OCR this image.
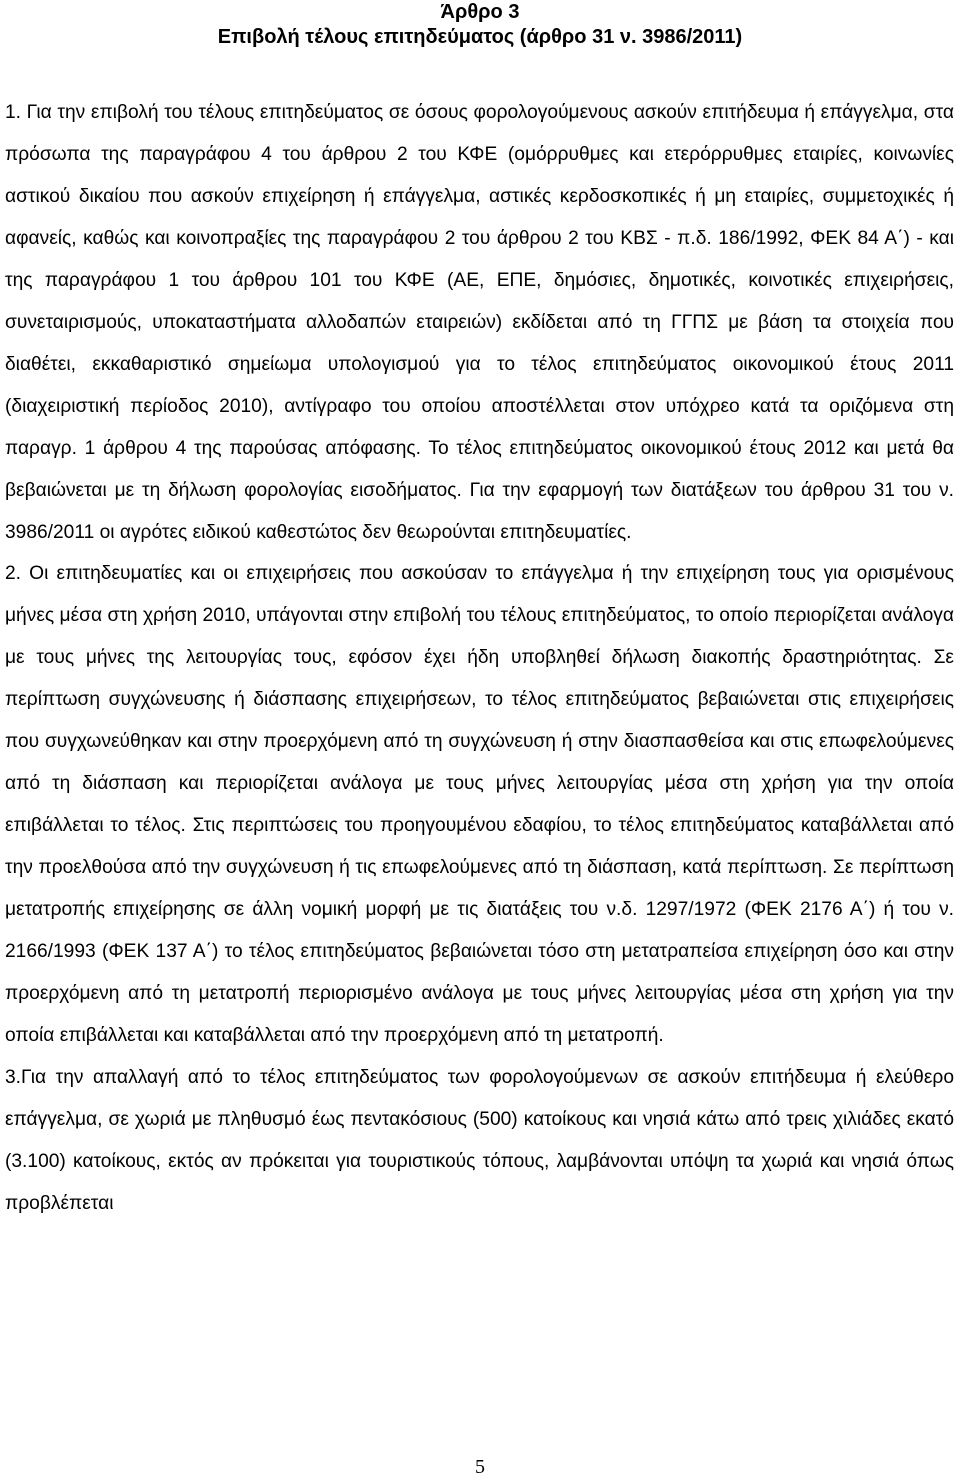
Άρθρο 3
Επιβολή τέλους επιτηδεύματος (άρθρο 31 ν. 3986/2011)

1. Για την επιβολή του τέλους επιτηδεύματος σε όσους φορολογούμενους ασκούν επιτήδευμα ή επάγγελμα, στα πρόσωπα της παραγράφου 4 του άρθρου 2 του ΚΦΕ (ομόρρυθμες και ετερόρρυθμες εταιρίες, κοινωνίες αστικού δικαίου που ασκούν επιχείρηση ή επάγγελμα, αστικές κερδοσκοπικές ή μη εταιρίες, συμμετοχικές ή αφανείς, καθώς και κοινοπραξίες της παραγράφου 2 του άρθρου 2 του ΚΒΣ - π.δ. 186/1992, ΦΕΚ 84 Α΄) - και της παραγράφου 1 του άρθρου 101 του ΚΦΕ (ΑΕ, ΕΠΕ, δημόσιες, δημοτικές, κοινοτικές επιχειρήσεις, συνεταιρισμούς, υποκαταστήματα αλλοδαπών εταιρειών) εκδίδεται από τη ΓΓΠΣ με βάση τα στοιχεία που διαθέτει, εκκαθαριστικό σημείωμα υπολογισμού για το τέλος επιτηδεύματος οικονομικού έτους 2011 (διαχειριστική περίοδος 2010), αντίγραφο του οποίου αποστέλλεται στον υπόχρεο κατά τα οριζόμενα στη παραγρ. 1 άρθρου 4 της παρούσας απόφασης. Το τέλος επιτηδεύματος οικονομικού έτους 2012 και μετά θα βεβαιώνεται με τη δήλωση φορολογίας εισοδήματος. Για την εφαρμογή των διατάξεων του άρθρου 31 του ν. 3986/2011 οι αγρότες ειδικού καθεστώτος δεν θεωρούνται επιτηδευματίες.

2. Οι επιτηδευματίες και οι επιχειρήσεις που ασκούσαν το επάγγελμα ή την επιχείρηση τους για ορισμένους μήνες μέσα στη χρήση 2010, υπάγονται στην επιβολή του τέλους επιτηδεύματος, το οποίο περιορίζεται ανάλογα με τους μήνες της λειτουργίας τους, εφόσον έχει ήδη υποβληθεί δήλωση διακοπής δραστηριότητας. Σε περίπτωση συγχώνευσης ή διάσπασης επιχειρήσεων, το τέλος επιτηδεύματος βεβαιώνεται στις επιχειρήσεις που συγχωνεύθηκαν και στην προερχόμενη από τη συγχώνευση ή στην διασπασθείσα και στις επωφελούμενες από τη διάσπαση και περιορίζεται ανάλογα με τους μήνες λειτουργίας μέσα στη χρήση για την οποία επιβάλλεται το τέλος. Στις περιπτώσεις του προηγουμένου εδαφίου, το τέλος επιτηδεύματος καταβάλλεται από την προελθούσα από την συγχώνευση ή τις επωφελούμενες από τη διάσπαση, κατά περίπτωση. Σε περίπτωση μετατροπής επιχείρησης σε άλλη νομική μορφή με τις διατάξεις του ν.δ. 1297/1972 (ΦΕΚ 2176 Α΄) ή του ν. 2166/1993 (ΦΕΚ 137 Α΄) το τέλος επιτηδεύματος βεβαιώνεται τόσο στη μετατραπείσα επιχείρηση όσο και στην προερχόμενη από τη μετατροπή περιορισμένο ανάλογα με τους μήνες λειτουργίας μέσα στη χρήση για την οποία επιβάλλεται και καταβάλλεται από την προερχόμενη από τη μετατροπή.

3.Για την απαλλαγή από το τέλος επιτηδεύματος των φορολογούμενων σε ασκούν επιτήδευμα ή ελεύθερο επάγγελμα, σε χωριά με πληθυσμό έως πεντακόσιους (500) κατοίκους και νησιά κάτω από τρεις χιλιάδες εκατό (3.100) κατοίκους, εκτός αν πρόκειται για τουριστικούς τόπους, λαμβάνονται υπόψη τα χωριά και νησιά όπως προβλέπεται

5
